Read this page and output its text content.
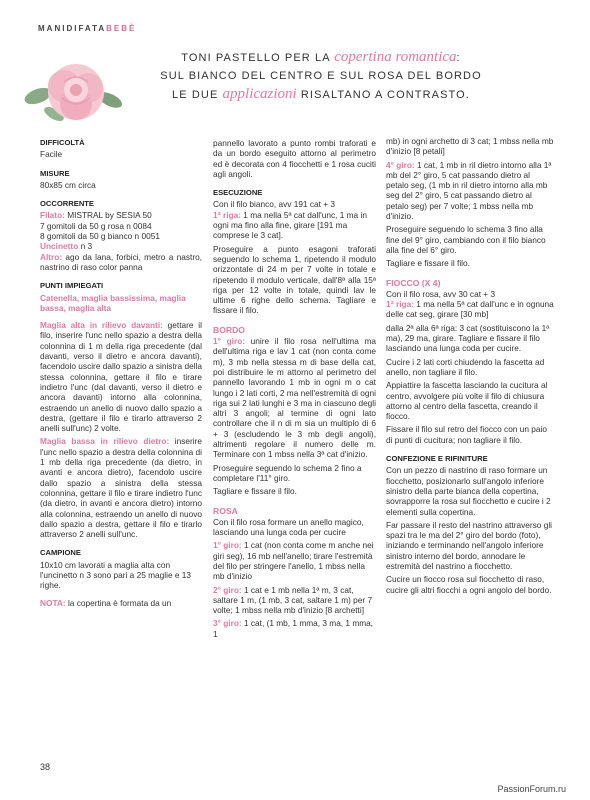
MANIDIFATABEBÈ
TONI PASTELLO PER LA copertina romantica:
SUL BIANCO DEL CENTRO E SUL ROSA DEL BORDO
LE DUE applicazioni RISALTANO A CONTRASTO.
DIFFICOLTÀ
Facile
MISURE
80x85 cm circa
OCCORRENTE
Filato: MISTRAL by SESIA 50
7 gomitoli da 50 g rosa n 0084
8 gomitoli da 50 g bianco n 0051
Uncinetto n 3
Altro: ago da lana, forbici, metro a nastro, nastrino di raso color panna
PUNTI IMPIEGATI
Catenella, maglia bassissima, maglia bassa, maglia alta
Maglia alta in rilievo davanti: gettare il filo, inserire l'unc nello spazio a destra della colonnina di 1 m della riga precedente (dal davanti, verso il dietro e ancora davanti), facendolo uscire dallo spazio a sinistra della stessa colonnina, gettare il filo e tirare indietro l'unc (dal davanti, verso il dietro e ancora davanti) intorno alla colonnina, estraendo un anello di nuovo dallo spazio a destra, (gettare il filo e tirarlo attraverso 2 anelli sull'unc) 2 volte.
Maglia bassa in rilievo dietro: inserire l'unc nello spazio a destra della colonnina di 1 mb della riga precedente (da dietro, in avanti e ancora dietro), facendolo uscire dallo spazio a sinistra della stessa colonnina, gettare il filo e tirare indietro l'unc (da dietro, in avanti e ancora dietro) intorno alla colonnina, estraendo un anello di nuovo dallo spazio a destra, gettare il filo e tirarlo attraverso 2 anelli sull'unc.
CAMPIONE
10x10 cm lavorati a maglia alta con l'uncinetto n 3 sono pari a 25 maglie e 13 righe.
NOTA: la copertina è formata da un
pannello lavorato a punto rombi traforati e da un bordo eseguito attorno al perimetro ed è decorata con 4 fiocchetti e 1 rosa cuciti agli angoli.
ESECUZIONE
Con il filo bianco, avv 191 cat + 3
1ª riga: 1 ma nella 5ª cat dall'unc, 1 ma in ogni ma fino alla fine, girare [191 ma comprese le 3 cat].
Proseguire a punto esagoni traforati seguendo lo schema 1, ripetendo il modulo orizzontale di 24 m per 7 volte in totale e ripetendo il modulo verticale, dall'8ª alla 15ª riga per 12 volte in totale, quindi lav le ultime 6 righe dello schema. Tagliare e fissare il filo.
BORDO
1° giro: unire il filo rosa nell'ultima ma dell'ultima riga e lav 1 cat (non conta come m), 3 mb nella stessa m di base della cat, poi distribuire le m attorno al perimetro del pannello lavorando 1 mb in ogni m o cat lungo i 2 lati corti, 2 ma nell'estremità di ogni riga sui 2 lati lunghi e 3 ma in ciascuno degli altri 3 angoli; al termine di ogni lato controllare che il n di m sia un multiplo di 6 + 3 (escludendo le 3 mb degli angoli), altrimenti regolare il numero delle m. Terminare con 1 mbss nella 3ª cat d'inizio.
Proseguire seguendo lo schema 2 fino a completare l'11° giro.
Tagliare e fissare il filo.
ROSA
Con il filo rosa formare un anello magico, lasciando una lunga coda per cucire
1° giro: 1 cat (non conta come m anche nei giri seg), 16 mb nell'anello; tirare l'estremità del filo per stringere l'anello, 1 mbss nella mb d'inizio
2° giro: 1 cat e 1 mb nella 1ª m, 3 cat, saltare 1 m, (1 mb, 3 cat, saltare 1 m) per 7 volte; 1 mbss nella mb d'inizio [8 archetti]
3° giro: 1 cat, (1 mb, 1 mma, 3 ma, 1 mma, 1
mb) in ogni archetto di 3 cat; 1 mbss nella mb d'inizio [8 petali]
4° giro: 1 cat, 1 mb in ril dietro intorno alla 1ª mb del 2° giro, 5 cat passando dietro al petalo seg, (1 mb in ril dietro intorno alla mb seg del 2° giro, 5 cat passando dietro al petalo seg) per 7 volte; 1 mbss nella mb d'inizio.
Proseguire seguendo lo schema 3 fino alla fine del 9° giro, cambiando con il filo bianco alla fine del 6° giro.
Tagliare e fissare il filo.
FIOCCO (X 4)
Con il filo rosa, avv 30 cat + 3
1ª riga: 1 ma nella 5ª cat dall'unc e in ognuna delle cat seg, girare [30 mb]
dalla 2ª alla 6ª riga: 3 cat (sostituiscono la 1ª ma), 29 ma, girare. Tagliare e fissare il filo lasciando una lunga coda per cucire.
Cucire i 2 lati corti chiudendo la fascetta ad anello, non tagliare il filo.
Appiattire la fascetta lasciando la cucitura al centro, avvolgere più volte il filo di chiusura attorno al centro della fascetta, creando il fiocco.
Fissare il filo sul retro del fiocco con un paio di punti di cucitura; non tagliare il filo.
CONFEZIONE E RIFINITURE
Con un pezzo di nastrino di raso formare un fiocchetto, posizionarlo sull'angolo inferiore sinistro della parte bianca della copertina, sovrapporre la rosa sul fiocchetto e cucire i 2 elementi sulla copertina.
Far passare il resto del nastrino attraverso gli spazi tra le ma del 2° giro del bordo (foto), iniziando e terminando nell'angolo inferiore sinistro interno del bordo, annodare le estremità del nastrino a fiocchetto.
Cucire un fiocco rosa sul fiocchetto di raso, cucire gli altri fiocchi a ogni angolo del bordo.
38
PassionForum.ru
